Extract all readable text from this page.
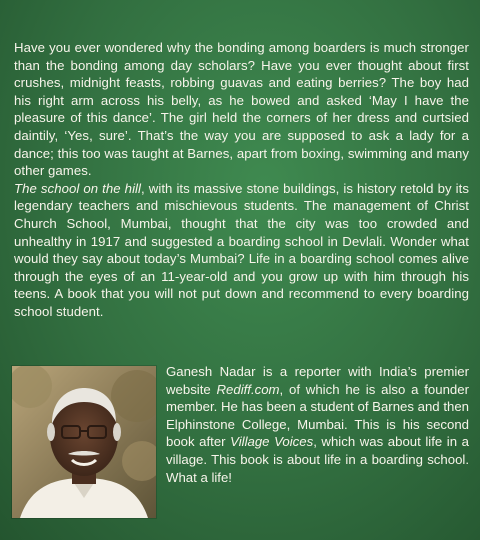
Have you ever wondered why the bonding among boarders is much stronger than the bonding among day scholars? Have you ever thought about first crushes, midnight feasts, robbing guavas and eating berries? The boy had his right arm across his belly, as he bowed and asked ‘May I have the pleasure of this dance’. The girl held the corners of her dress and curtsied daintily, ‘Yes, sure’. That’s the way you are supposed to ask a lady for a dance; this too was taught at Barnes, apart from boxing, swimming and many other games.

The school on the hill, with its massive stone buildings, is history retold by its legendary teachers and mischievous students. The management of Christ Church School, Mumbai, thought that the city was too crowded and unhealthy in 1917 and suggested a boarding school in Devlali. Wonder what would they say about today’s Mumbai? Life in a boarding school comes alive through the eyes of an 11-year-old and you grow up with him through his teens. A book that you will not put down and recommend to every boarding school student.

Ganesh Nadar is a reporter with India’s premier website Rediff.com, of which he is also a founder member. He has been a student of Barnes and then Elphinstone College, Mumbai. This is his second book after Village Voices, which was about life in a village. This book is about life in a boarding school. What a life!
